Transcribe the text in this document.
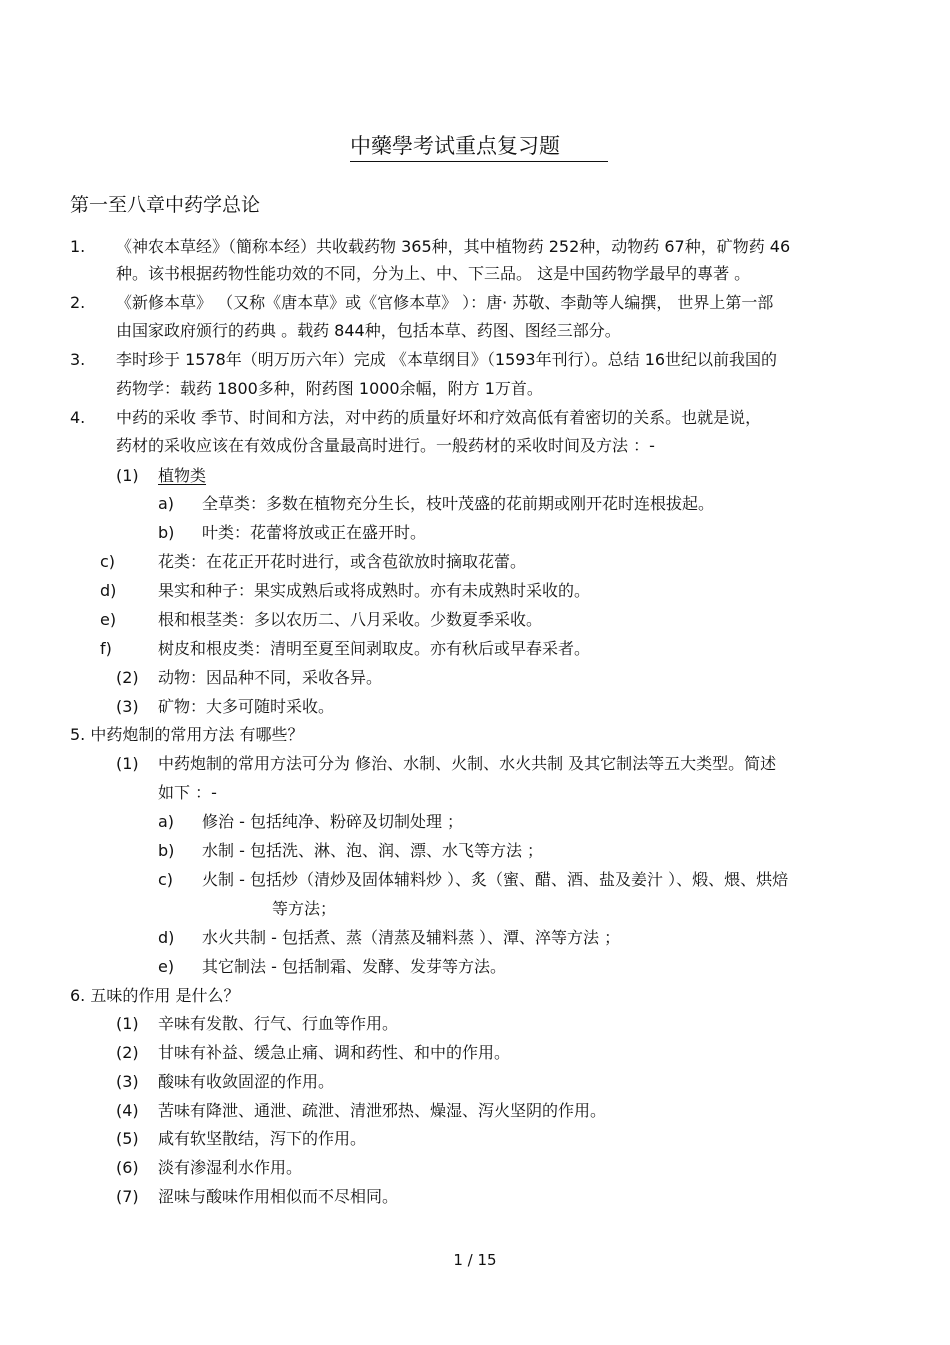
中藥學考试重点复习题
第一至八章中药学总论
1. 《神农本草经》（簡称本经）共收载药物 365种，其中植物药 252种，动物药 67种，矿物药 46
种。该书根据药物性能功效的不同，分为上、中、下三品。 这是中国药物学最早的專著 。
2. 《新修本草》 （又称《唐本草》或《官修本草》 ）：唐· 苏敬、李勣等人编撰， 世界上第一部
由国家政府颁行的药典 。载药 844种，包括本草、药图、图经三部分。
3. 李时珍于 1578年（明万历六年）完成 《本草纲目》（1593年刊行）。总结 16世纪以前我国的
药物学：载药 1800多种，附药图 1000余幅，附方 1万首。
4. 中药的采收 季节、时间和方法，对中药的质量好坏和疗效高低有着密切的关系。也就是说，
药材的采收应该在有效成份含量最高时进行。一般药材的采收时间及方法 ：-
(1) 植物类
a) 全草类：多数在植物充分生长，枝叶茂盛的花前期或刚开花时连根拔起。
b) 叶类：花蕾将放或正在盛开时。
c)	花类：在花正开花时进行，或含苞欲放时摘取花蕾。
d)	果实和种子：果实成熟后或将成熟时。亦有未成熟时采收的。
e)	根和根茎类：多以农历二、八月采收。少数夏季采收。
f)	树皮和根皮类：清明至夏至间剥取皮。亦有秋后或早春采者。
(2) 动物：因品种不同，采收各异。
(3) 矿物：大多可随时采收。
5. 中药炮制的常用方法 有哪些？
(1) 中药炮制的常用方法可分为 修治、水制、火制、水火共制 及其它制法等五大类型。简述
如下 ：-
a) 修治 - 包括纯净、粉碎及切制处理 ；
b) 水制 - 包括洗、淋、泡、润、漂、水飞等方法 ；
c) 火制 - 包括炒（清炒及固体辅料炒 ）、炙（蜜、醋、酒、盐及姜汁 ）、煅、煨、烘焙
等方法；
d) 水火共制 - 包括煮、蒸（清蒸及辅料蒸 ）、潭、淬等方法 ；
e) 其它制法 - 包括制霜、发酵、发芽等方法。
6. 五味的作用 是什么？
(1) 辛味有发散、行气、行血等作用。
(2) 甘味有补益、缓急止痛、调和药性、和中的作用。
(3) 酸味有收敛固涩的作用。
(4) 苦味有降泄、通泄、疏泄、清泄邪热、燥湿、泻火坚阴的作用。
(5) 咸有软坚散结，泻下的作用。
(6) 淡有渗湿利水作用。
(7) 涩味与酸味作用相似而不尽相同。
1 / 15
